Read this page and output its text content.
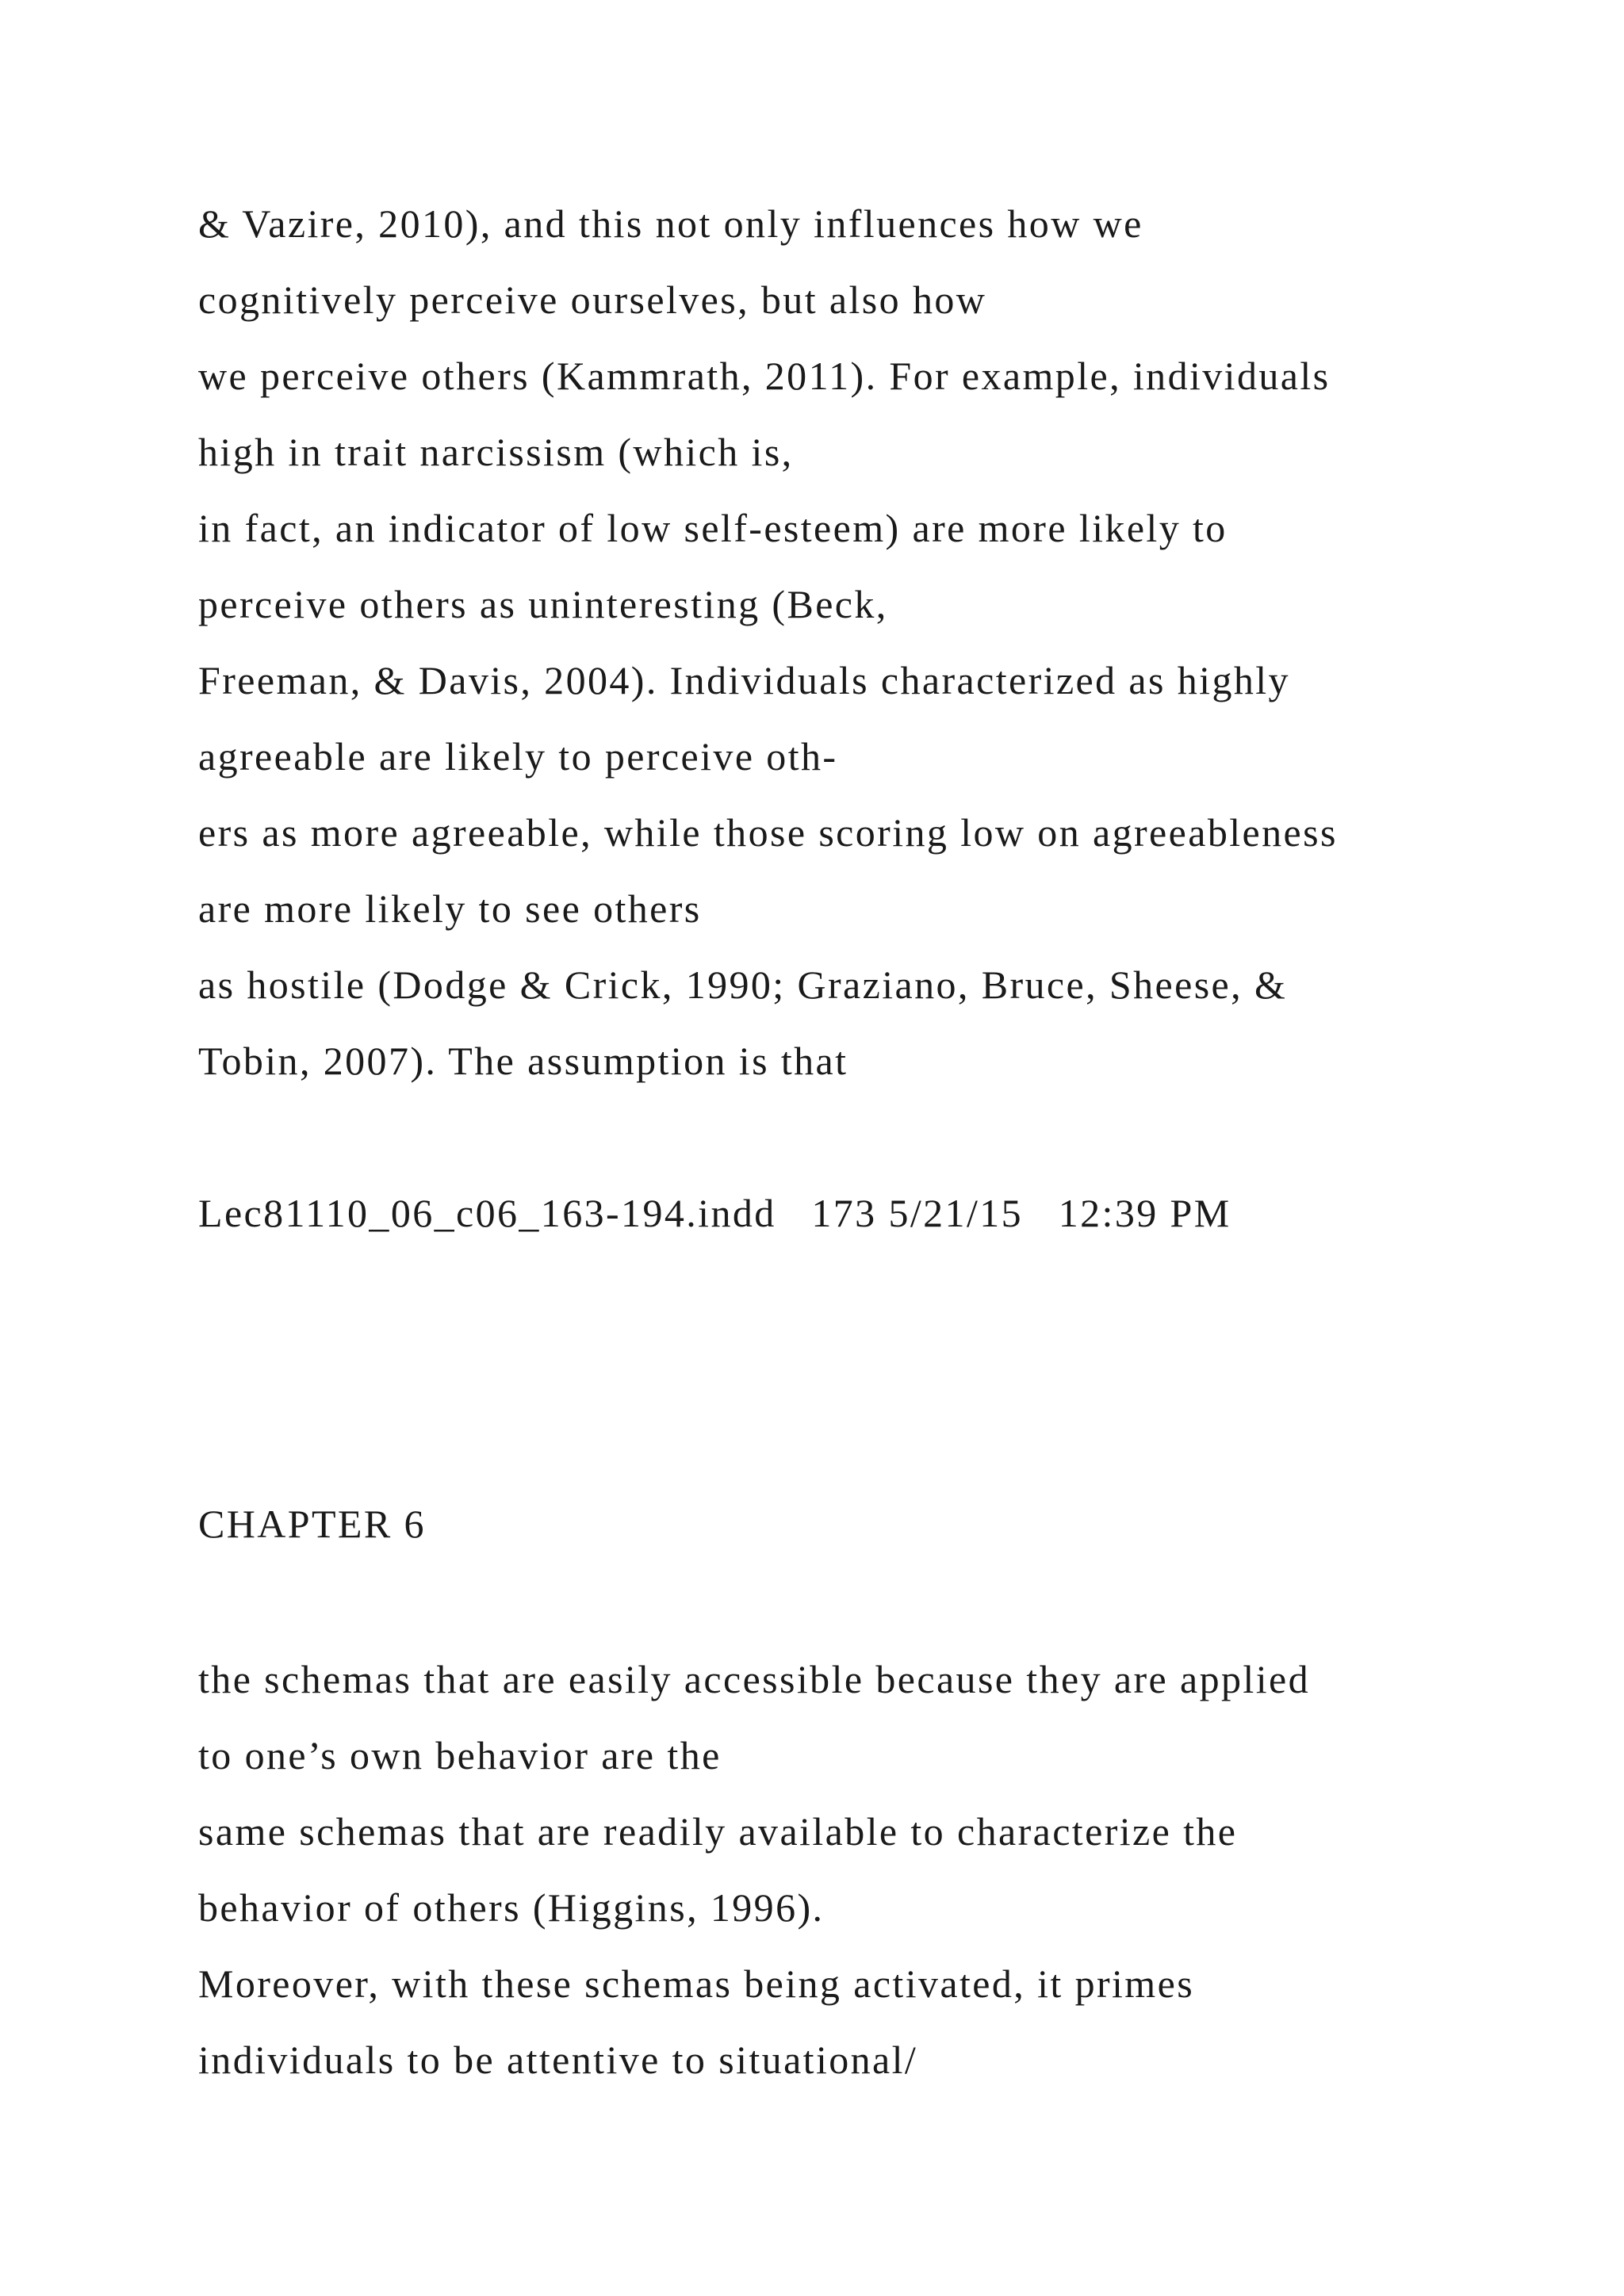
& Vazire, 2010), and this not only influences how we

cognitively perceive ourselves, but also how

we perceive others (Kammrath, 2011). For example, individuals

high in trait narcissism (which is,

in fact, an indicator of low self-esteem) are more likely to

perceive others as uninteresting (Beck,

Freeman, & Davis, 2004). Individuals characterized as highly

agreeable are likely to perceive oth-

ers as more agreeable, while those scoring low on agreeableness

are more likely to see others

as hostile (Dodge & Crick, 1990; Graziano, Bruce, Sheese, &

Tobin, 2007). The assumption is that

Lec81110_06_c06_163-194.indd   173 5/21/15   12:39 PM

CHAPTER 6

the schemas that are easily accessible because they are applied

to one’s own behavior are the

same schemas that are readily available to characterize the

behavior of others (Higgins, 1996).

Moreover, with these schemas being activated, it primes

individuals to be attentive to situational/
